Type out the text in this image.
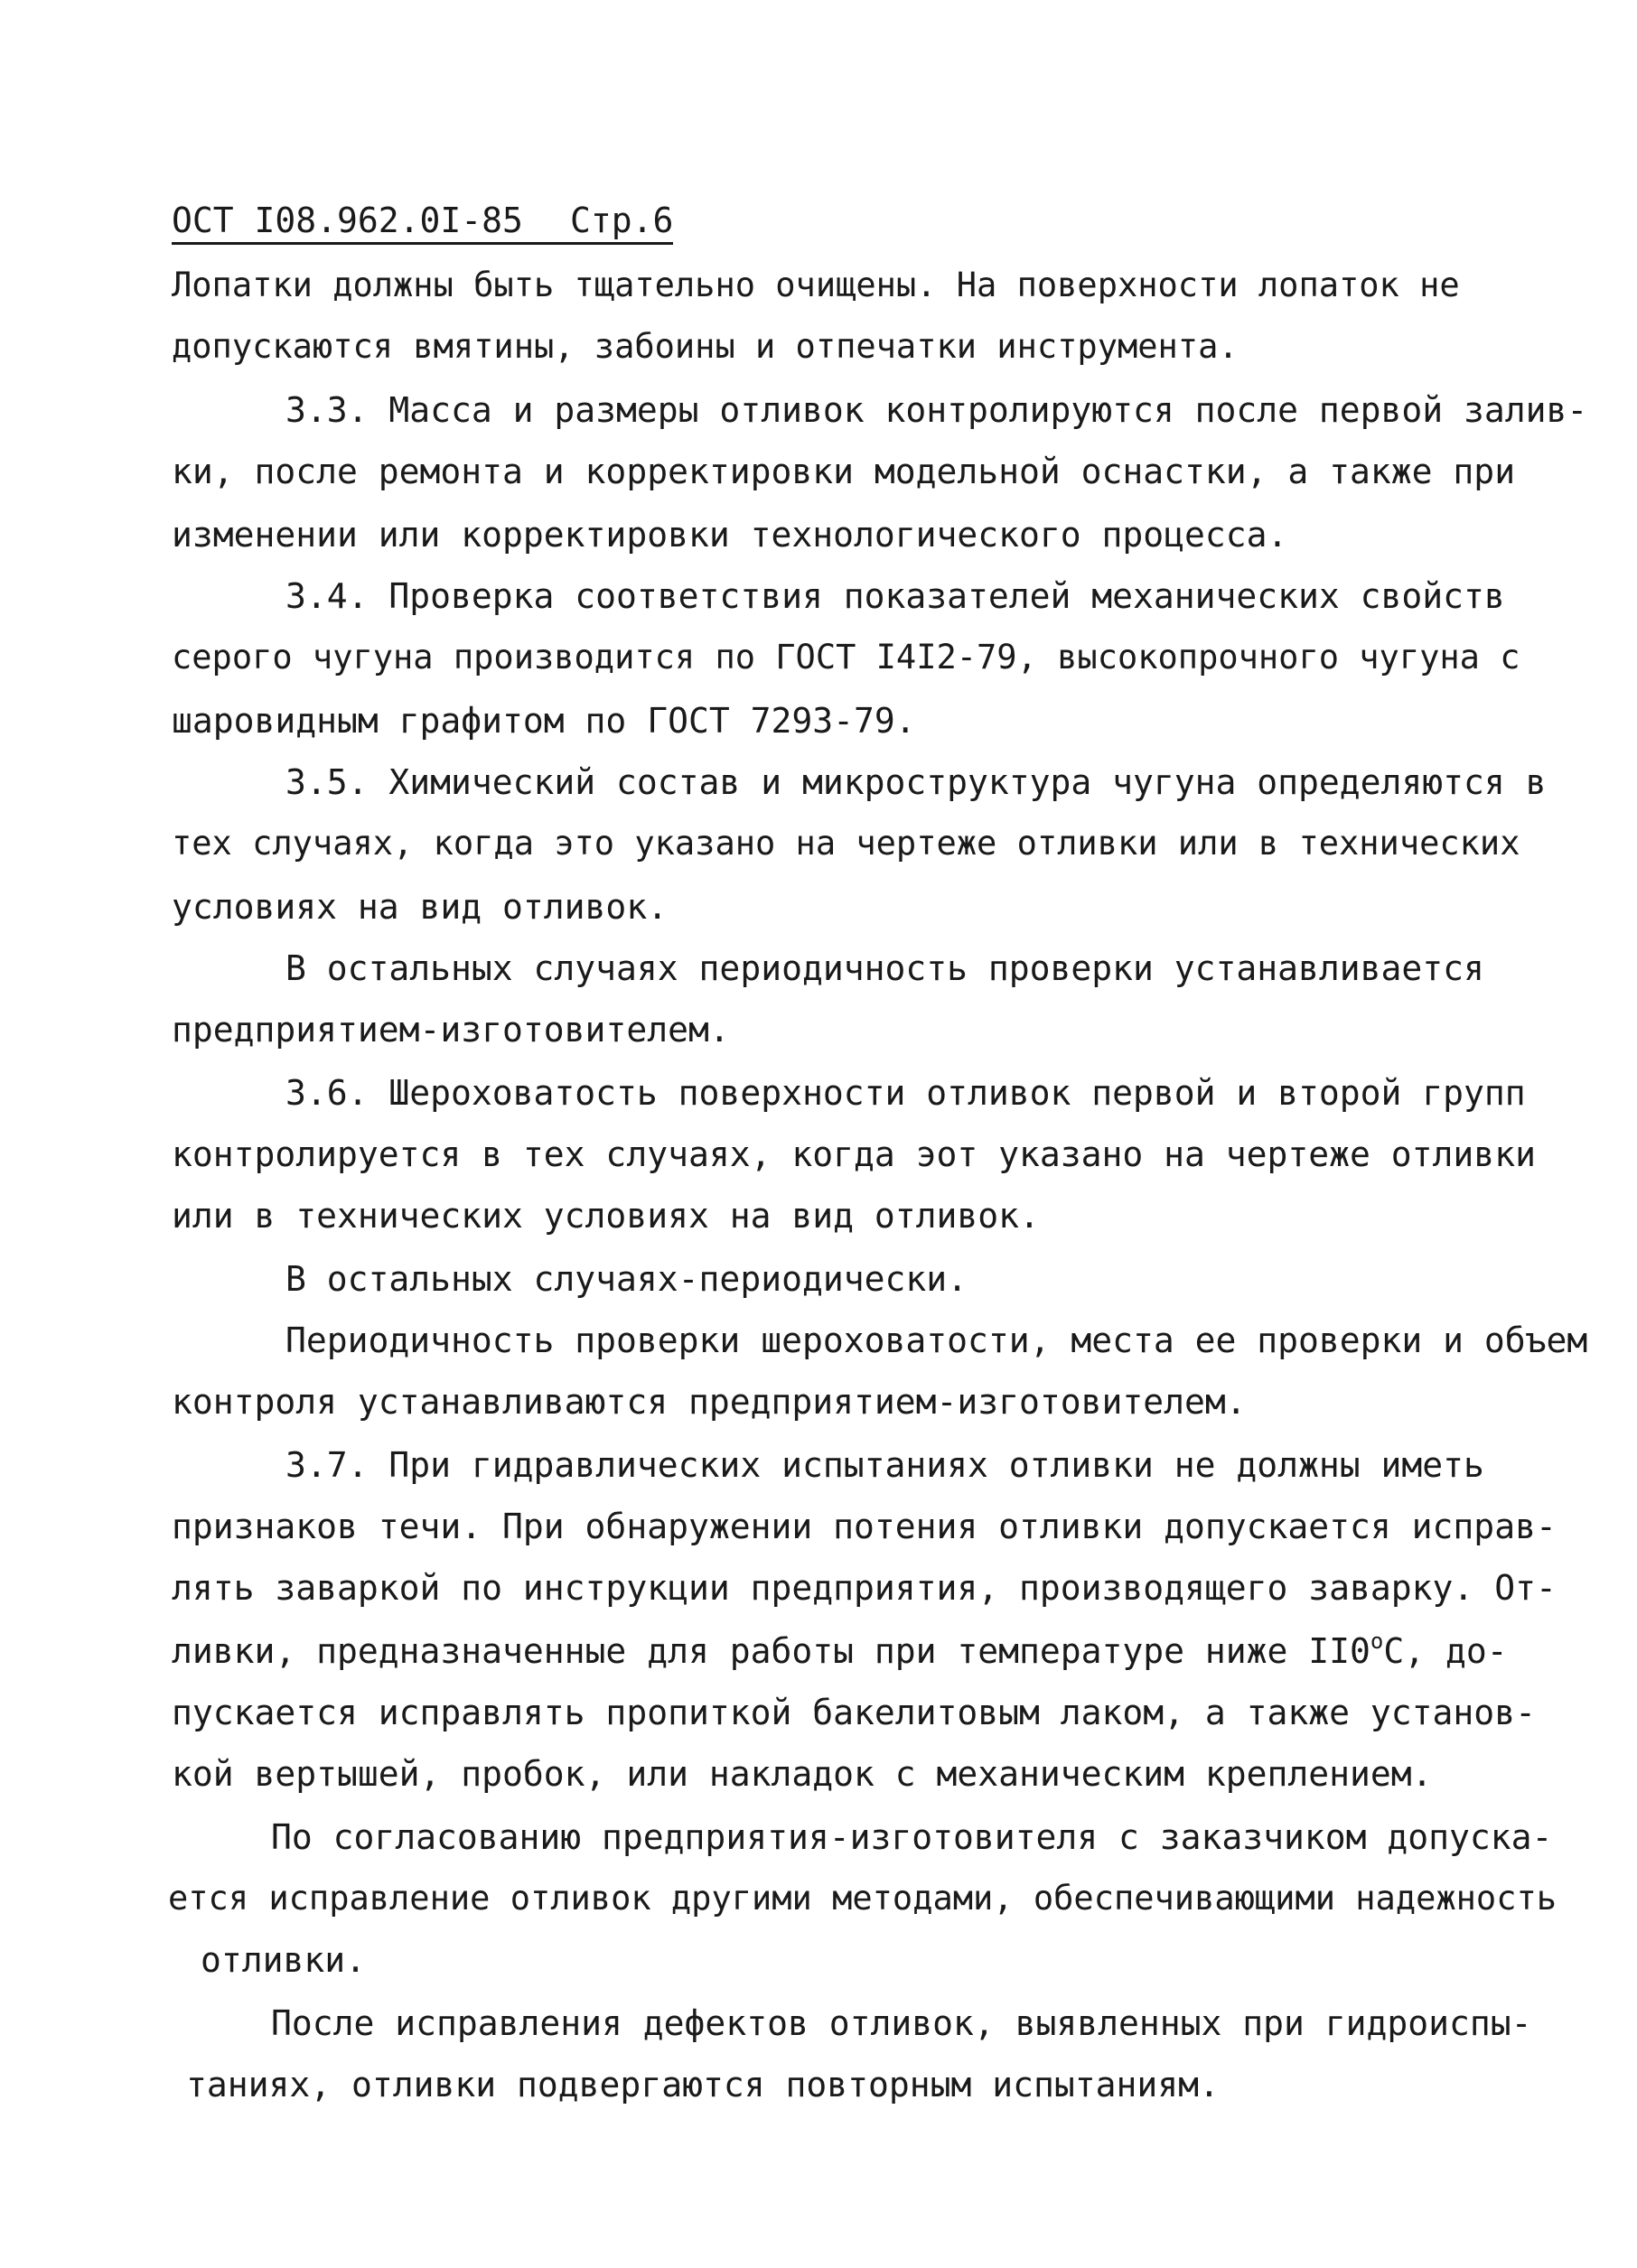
ОСТ I08.962.0I-85 Стр.6
Лопатки должны быть тщательно очищены. На поверхности лопаток не
допускаются вмятины, забоины и отпечатки инструмента.
3.3. Масса и размеры отливок контролируются после первой залив-
ки, после ремонта и корректировки модельной оснастки, а также при
изменении или корректировки технологического процесса.
3.4. Проверка соответствия показателей механических свойств
серого чугуна производится по ГОСТ I4I2-79, высокопрочного чугуна с
шаровидным графитом по ГОСТ 7293-79.
3.5. Химический состав и микроструктура чугуна определяются в
тех случаях, когда это указано на чертеже отливки или в технических
условиях на вид отливок.
В остальных случаях периодичность проверки устанавливается
предприятием-изготовителем.
3.6. Шероховатость поверхности отливок первой и второй групп
контролируется в тех случаях, когда эот указано на чертеже отливки
или в технических условиях на вид отливок.
В остальных случаях-периодически.
Периодичность проверки шероховатости, места ее проверки и объем
контроля устанавливаются предприятием-изготовителем.
3.7. При гидравлических испытаниях отливки не должны иметь
признаков течи. При обнаружении потения отливки допускается исправ-
лять заваркой по инструкции предприятия, производящего заварку. От-
ливки, предназначенные для работы при температуре ниже II0$^o$С, до-
пускается исправлять пропиткой бакелитовым лаком, а также установ-
кой вертышей, пробок, или накладок с механическим креплением.
По согласованию предприятия-изготовителя с заказчиком допуска-
ется исправление отливок другими методами, обеспечивающими надежность
отливки.
После исправления дефектов отливок, выявленных при гидроиспы-
таниях, отливки подвергаются повторным испытаниям.
